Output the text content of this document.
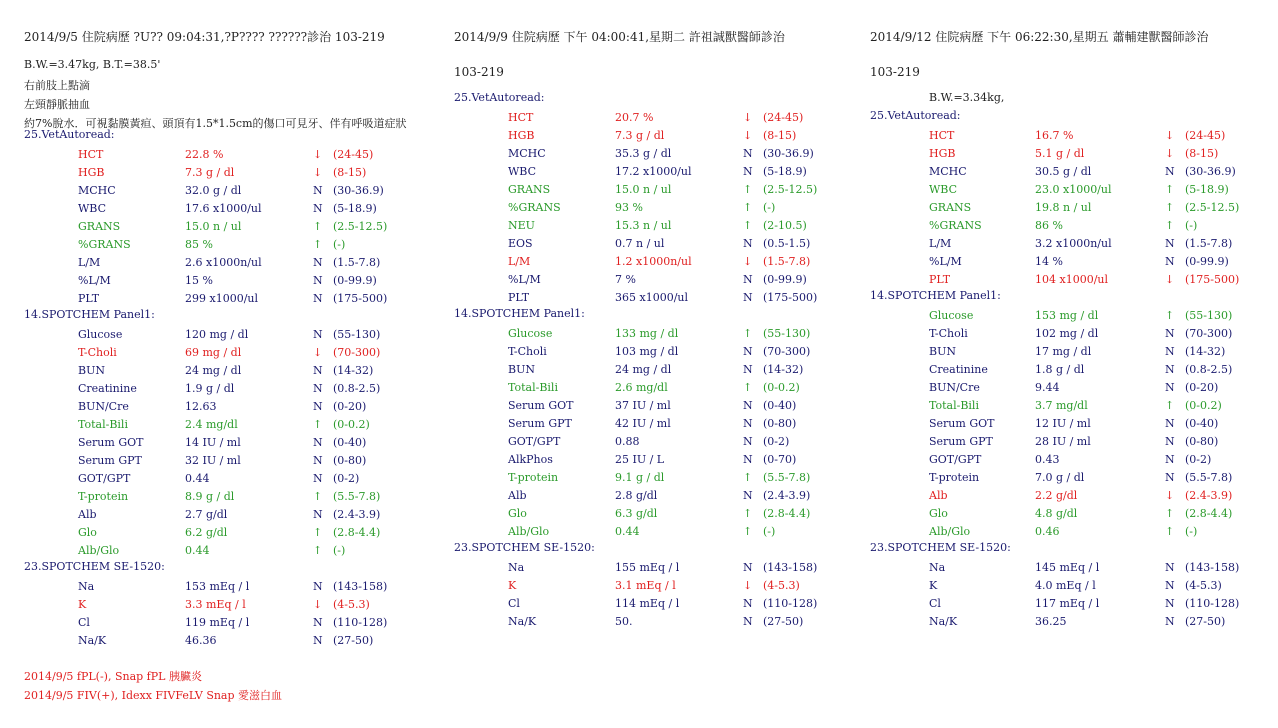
2014/9/5 住院病歷 ?U?? 09:04:31,?P???? ??????診治 103-219
B.W.=3.47kg, B.T.=38.5'
右前肢上點滴
左頸靜脈抽血
約7%脫水．可視黏膜黃疸、頭頂有1.5*1.5cm的傷口可見牙、伴有呼吸道症狀
25.VetAutoread:
HCT	22.8 %	↓ (24-45)
HGB	7.3 g / dl	↓ (8-15)
MCHC	32.0 g / dl	N (30-36.9)
WBC	17.6 x1000/ul	N (5-18.9)
GRANS	15.0 n / ul	↑ (2.5-12.5)
%GRANS	85 %	↑ (-)
L/M	2.6 x1000n/ul	N (1.5-7.8)
%L/M	15 %	N (0-99.9)
PLT	299 x1000/ul	N (175-500)
14.SPOTCHEM Panel1:
Glucose	120 mg / dl	N (55-130)
T-Choli	69 mg / dl	↓ (70-300)
BUN	24 mg / dl	N (14-32)
Creatinine	1.9 g / dl	N (0.8-2.5)
BUN/Cre	12.63	N (0-20)
Total-Bili	2.4 mg/dl	↑ (0-0.2)
Serum GOT	14 IU / ml	N (0-40)
Serum GPT	32 IU / ml	N (0-80)
GOT/GPT	0.44	N (0-2)
T-protein	8.9 g / dl	↑ (5.5-7.8)
Alb	2.7 g/dl	N (2.4-3.9)
Glo	6.2 g/dl	↑ (2.8-4.4)
Alb/Glo	0.44	↑ (-)
23.SPOTCHEM SE-1520:
Na	153 mEq / l	N (143-158)
K	3.3 mEq / l	↓ (4-5.3)
Cl	119 mEq / l	N (110-128)
Na/K	46.36	N (27-50)
2014/9/5 fPL(-), Snap fPL 胰臟炎
2014/9/5 FIV(+), Idexx FIVFeLV Snap 愛滋白血
2014/9/9 住院病歷 下午 04:00:41,星期二 許祖誠獸醫師診治
103-219
25.VetAutoread:
HCT	20.7 %	↓ (24-45)
HGB	7.3 g / dl	↓ (8-15)
MCHC	35.3 g / dl	N (30-36.9)
WBC	17.2 x1000/ul	N (5-18.9)
GRANS	15.0 n / ul	↑ (2.5-12.5)
%GRANS	93 %	↑ (-)
NEU	15.3 n / ul	↑ (2-10.5)
EOS	0.7 n / ul	N (0.5-1.5)
L/M	1.2 x1000n/ul	↓ (1.5-7.8)
%L/M	7 %	N (0-99.9)
PLT	365 x1000/ul	N (175-500)
14.SPOTCHEM Panel1:
Glucose	133 mg / dl	↑ (55-130)
T-Choli	103 mg / dl	N (70-300)
BUN	24 mg / dl	N (14-32)
Total-Bili	2.6 mg/dl	↑ (0-0.2)
Serum GOT	37 IU / ml	N (0-40)
Serum GPT	42 IU / ml	N (0-80)
GOT/GPT	0.88	N (0-2)
AlkPhos	25 IU / L	N (0-70)
T-protein	9.1 g / dl	↑ (5.5-7.8)
Alb	2.8 g/dl	N (2.4-3.9)
Glo	6.3 g/dl	↑ (2.8-4.4)
Alb/Glo	0.44	↑ (-)
23.SPOTCHEM SE-1520:
Na	155 mEq / l	N (143-158)
K	3.1 mEq / l	↓ (4-5.3)
Cl	114 mEq / l	N (110-128)
Na/K	50.	N (27-50)
2014/9/12 住院病歷 下午 06:22:30,星期五 蕭輔建獸醫師診治
103-219
B.W.=3.34kg,
25.VetAutoread:
HCT	16.7 %	↓ (24-45)
HGB	5.1 g / dl	↓ (8-15)
MCHC	30.5 g / dl	N (30-36.9)
WBC	23.0 x1000/ul	↑ (5-18.9)
GRANS	19.8 n / ul	↑ (2.5-12.5)
%GRANS	86 %	↑ (-)
L/M	3.2 x1000n/ul	N (1.5-7.8)
%L/M	14 %	N (0-99.9)
PLT	104 x1000/ul	↓ (175-500)
14.SPOTCHEM Panel1:
Glucose	153 mg / dl	↑ (55-130)
T-Choli	102 mg / dl	N (70-300)
BUN	17 mg / dl	N (14-32)
Creatinine	1.8 g / dl	N (0.8-2.5)
BUN/Cre	9.44	N (0-20)
Total-Bili	3.7 mg/dl	↑ (0-0.2)
Serum GOT	12 IU / ml	N (0-40)
Serum GPT	28 IU / ml	N (0-80)
GOT/GPT	0.43	N (0-2)
T-protein	7.0 g / dl	N (5.5-7.8)
Alb	2.2 g/dl	↓ (2.4-3.9)
Glo	4.8 g/dl	↑ (2.8-4.4)
Alb/Glo	0.46	↑ (-)
23.SPOTCHEM SE-1520:
Na	145 mEq / l	N (143-158)
K	4.0 mEq / l	N (4-5.3)
Cl	117 mEq / l	N (110-128)
Na/K	36.25	N (27-50)
